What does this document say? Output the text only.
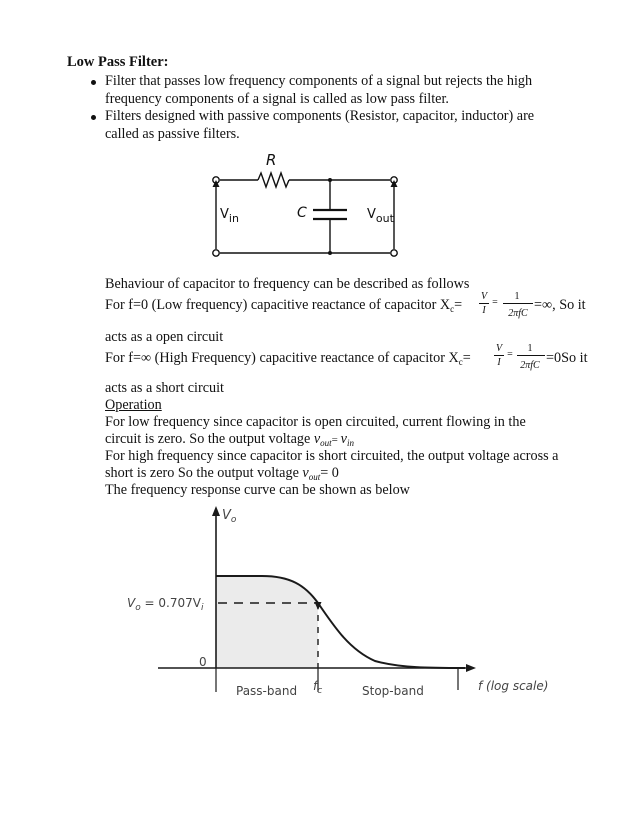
Low Pass Filter:
Filter that passes low frequency components of a signal but rejects the high
frequency components of a signal is called as low pass filter.
Filters designed with passive components (Resistor, capacitor, inductor) are
called as passive filters.
R
C
$V_{in}$	$V_{out}$
Behaviour of capacitor to frequency can be described as follows
For f=0 (Low frequency) capacitive reactance of capacitor $X_c=$
V
I
=
1
2πfC
=∞, So it
acts as a open circuit
For f=∞ (High Frequency) capacitive reactance of capacitor $X_c=$
V
I
=
1
2πfC =0So it
acts as a short circuit
Operation
For low frequency since capacitor is open circuited, current flowing in the
circuit is zero. So the output voltage $v_{out}= v_{in}$
For high frequency since capacitor is short circuited, the output voltage across a
short is zero So the output voltage $v_{out}= 0$
The frequency response curve can be shown as below
$V_o$
$V_o = 0.707V_i$
0
Pass-band $f_c$	Stop-band	f (log scale)
